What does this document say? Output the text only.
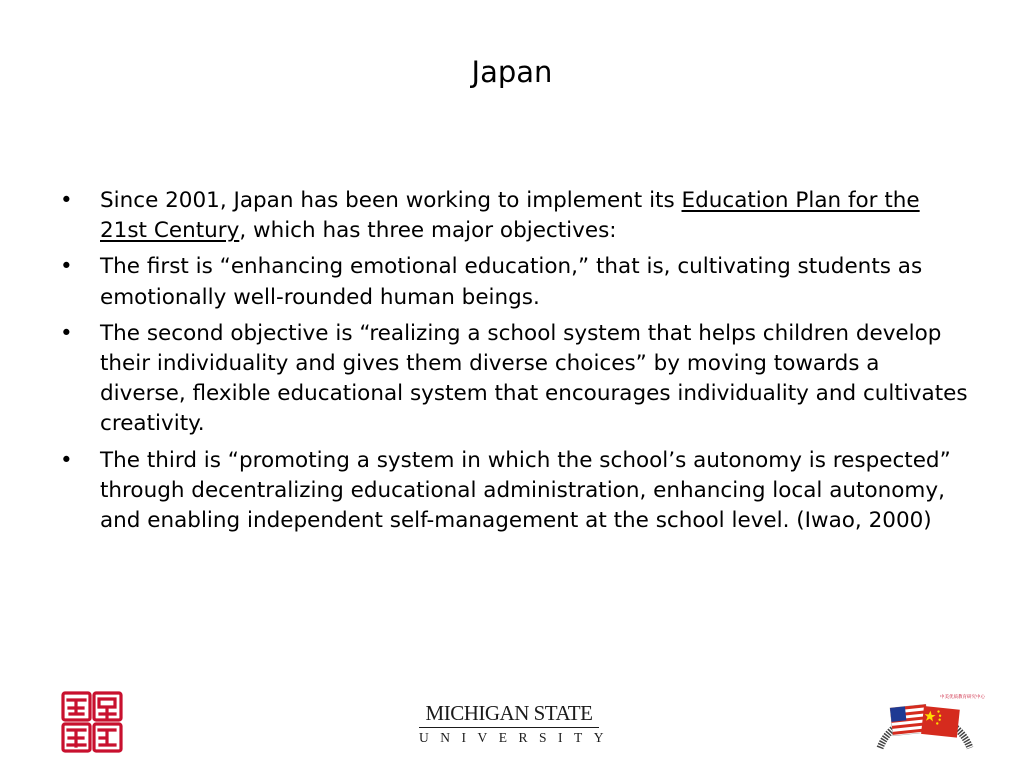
Japan
•	Since 2001, Japan has been working to implement its Education Plan for the 21st Century, which has three major objectives:
•	The first is “enhancing emotional education,” that is, cultivating students as emotionally well-rounded human beings.
•	The second objective is “realizing a school system that helps children develop their individuality and gives them diverse choices” by moving towards a diverse, flexible educational system that encourages individuality and cultivates creativity.
•	The third is “promoting a system in which the school’s autonomy is respected” through decentralizing educational administration, enhancing local autonomy, and enabling independent self-management at the school level. (Iwao, 2000)
MICHIGAN STATE
UNIVERSITY
中美优质教育研究中心
